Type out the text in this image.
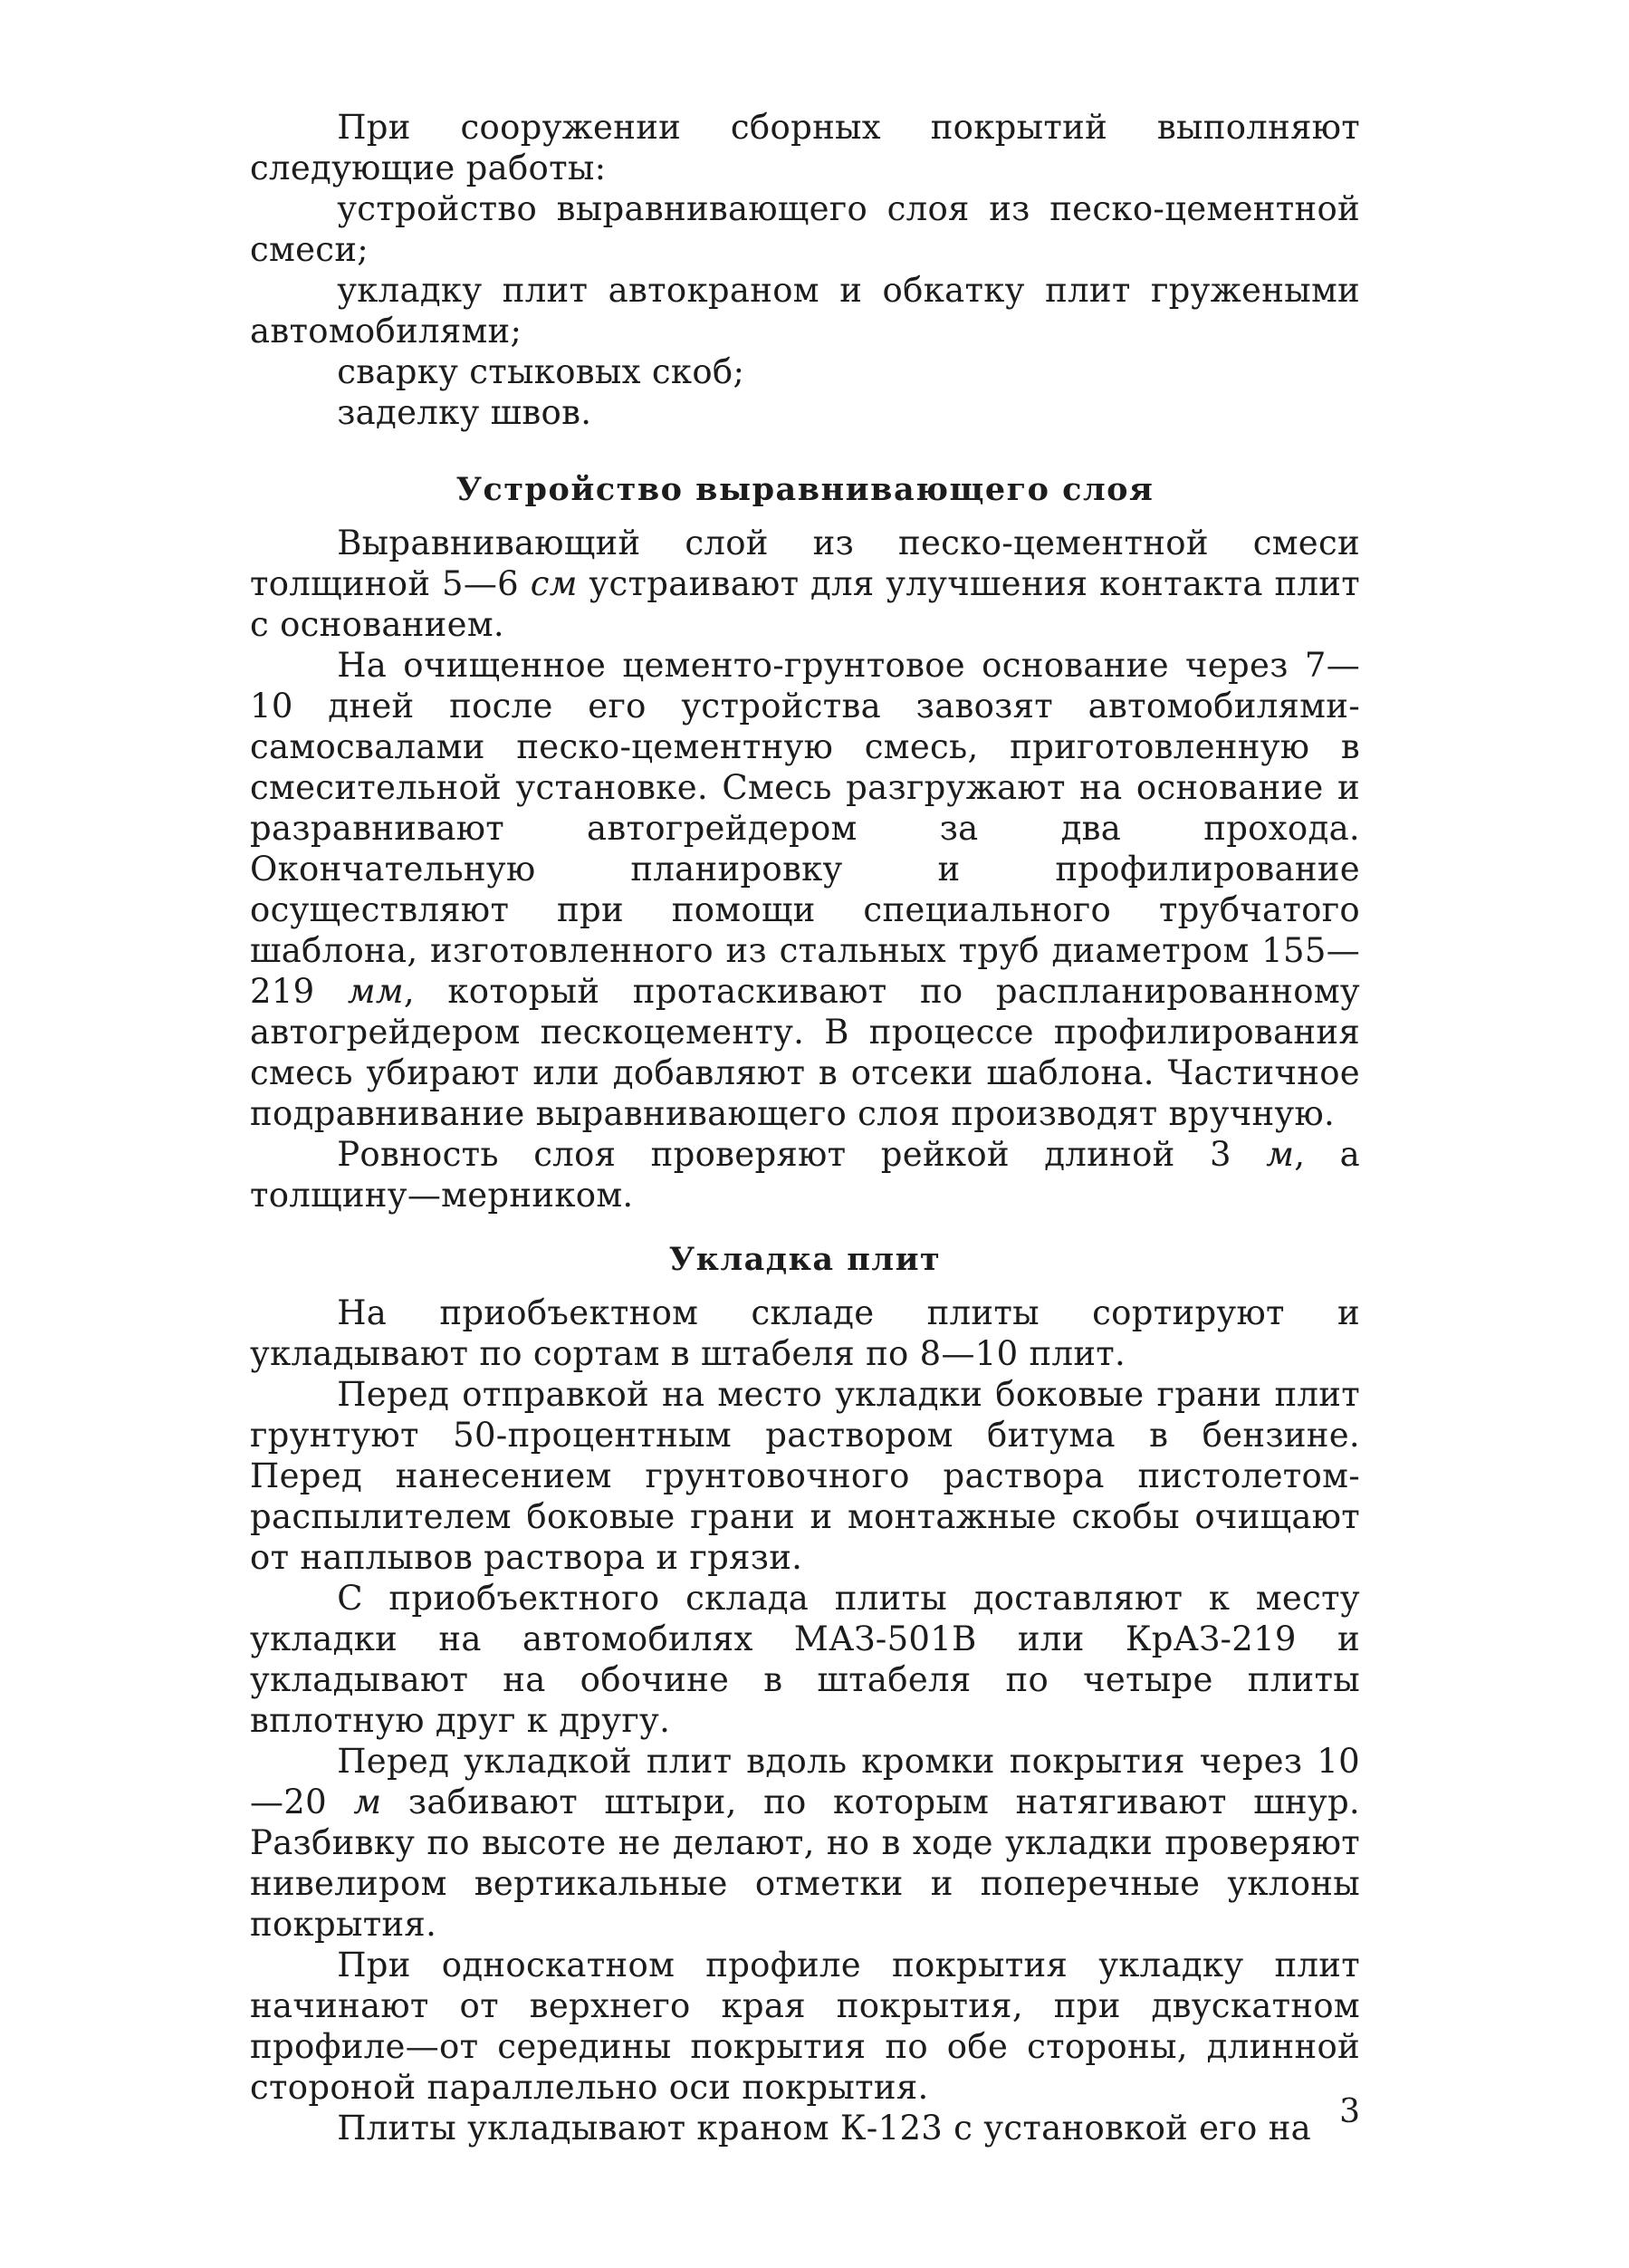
При сооружении сборных покрытий выполняют следующие работы:

устройство выравнивающего слоя из песко-цементной смеси;

укладку плит автокраном и обкатку плит гружеными автомобилями;

сварку стыковых скоб;

заделку швов.

Устройство выравнивающего слоя

Выравнивающий слой из песко-цементной смеси толщиной 5—6 см устраивают для улучшения контакта плит с основанием.

На очищенное цементо-грунтовое основание через 7—10 дней после его устройства завозят автомобилями-самосвалами песко-цементную смесь, приготовленную в смесительной установке. Смесь разгружают на основание и разравнивают автогрейдером за два прохода. Окончательную планировку и профилирование осуществляют при помощи специального трубчатого шаблона, изготовленного из стальных труб диаметром 155—219 мм, который протаскивают по распланированному автогрейдером пескоцементу. В процессе профилирования смесь убирают или добавляют в отсеки шаблона. Частичное подравнивание выравнивающего слоя производят вручную.

Ровность слоя проверяют рейкой длиной 3 м, а толщину—мерником.

Укладка плит

На приобъектном складе плиты сортируют и укладывают по сортам в штабеля по 8—10 плит.

Перед отправкой на место укладки боковые грани плит грунтуют 50-процентным раствором битума в бензине. Перед нанесением грунтовочного раствора пистолетом-распылителем боковые грани и монтажные скобы очищают от наплывов раствора и грязи.

С приобъектного склада плиты доставляют к месту укладки на автомобилях МАЗ-501В или КрАЗ-219 и укладывают на обочине в штабеля по четыре плиты вплотную друг к другу.

Перед укладкой плит вдоль кромки покрытия через 10—20 м забивают штыри, по которым натягивают шнур. Разбивку по высоте не делают, но в ходе укладки проверяют нивелиром вертикальные отметки и поперечные уклоны покрытия.

При односкатном профиле покрытия укладку плит начинают от верхнего края покрытия, при двускатном профиле—от середины покрытия по обе стороны, длинной стороной параллельно оси покрытия.

Плиты укладывают краном К-123 с установкой его на 3
